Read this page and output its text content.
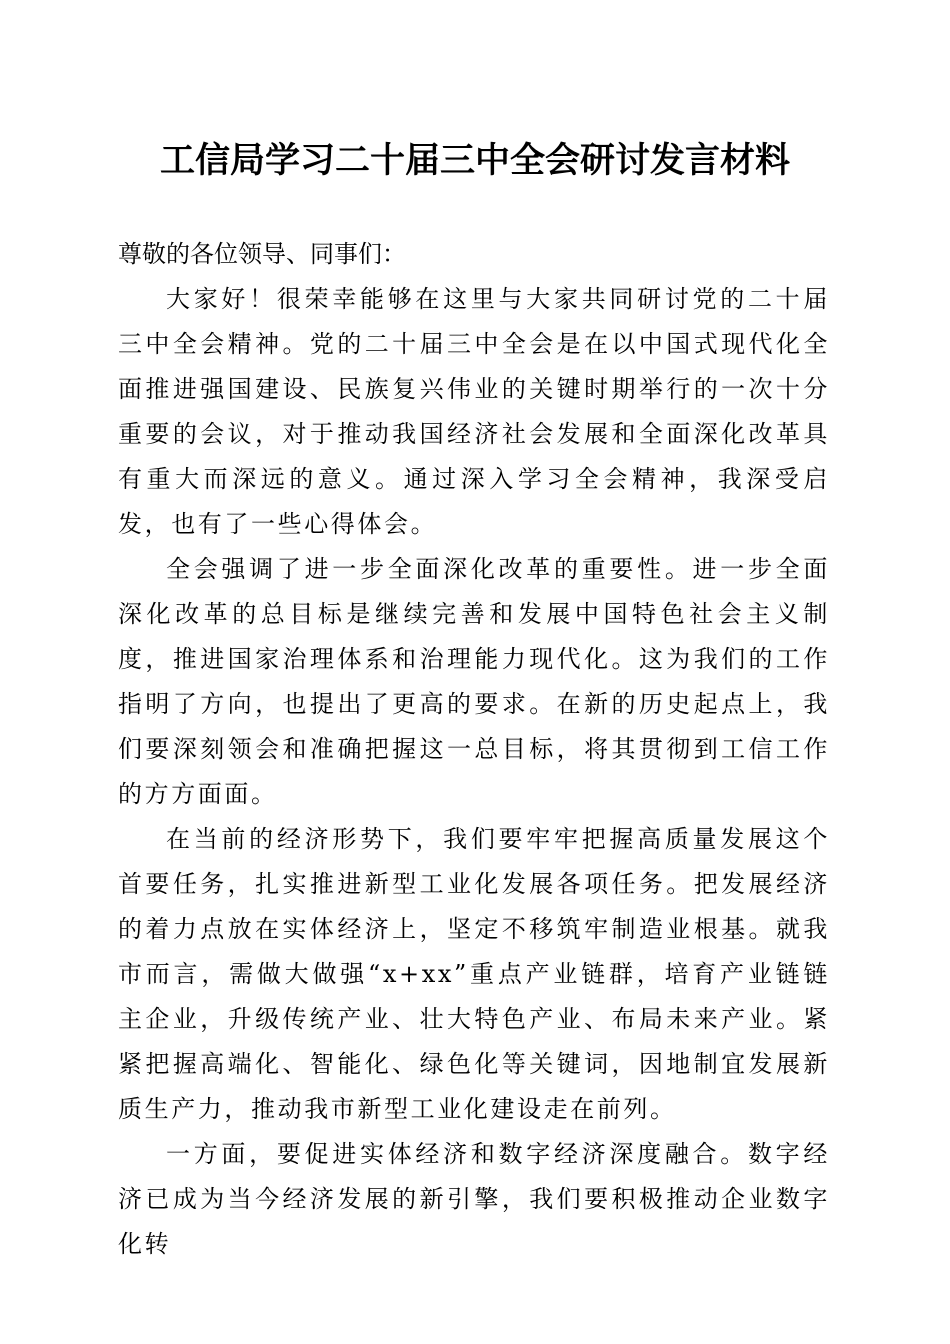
工信局学习二十届三中全会研讨发言材料

尊敬的各位领导、同事们：

大家好！很荣幸能够在这里与大家共同研讨党的二十届三中全会精神。党的二十届三中全会是在以中国式现代化全面推进强国建设、民族复兴伟业的关键时期举行的一次十分重要的会议，对于推动我国经济社会发展和全面深化改革具有重大而深远的意义。通过深入学习全会精神，我深受启发，也有了一些心得体会。

全会强调了进一步全面深化改革的重要性。进一步全面深化改革的总目标是继续完善和发展中国特色社会主义制度，推进国家治理体系和治理能力现代化。这为我们的工作指明了方向，也提出了更高的要求。在新的历史起点上，我们要深刻领会和准确把握这一总目标，将其贯彻到工信工作的方方面面。

在当前的经济形势下，我们要牢牢把握高质量发展这个首要任务，扎实推进新型工业化发展各项任务。把发展经济的着力点放在实体经济上，坚定不移筑牢制造业根基。就我市而言，需做大做强“x+xx”重点产业链群，培育产业链链主企业，升级传统产业、壮大特色产业、布局未来产业。紧紧把握高端化、智能化、绿色化等关键词，因地制宜发展新质生产力，推动我市新型工业化建设走在前列。

一方面，要促进实体经济和数字经济深度融合。数字经济已成为当今经济发展的新引擎，我们要积极推动企业数字化转
